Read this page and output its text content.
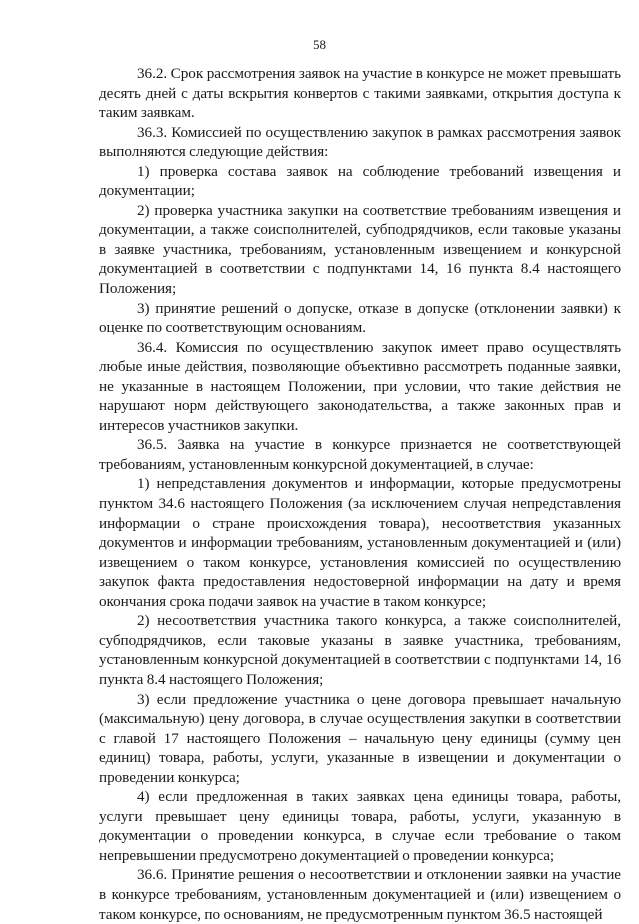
58

36.2. Срок рассмотрения заявок на участие в конкурсе не может превышать десять дней с даты вскрытия конвертов с такими заявками, открытия доступа к таким заявкам.

36.3. Комиссией по осуществлению закупок в рамках рассмотрения заявок выполняются следующие действия:

1) проверка состава заявок на соблюдение требований извещения и документации;

2) проверка участника закупки на соответствие требованиям извещения и документации, а также соисполнителей, субподрядчиков, если таковые указаны в заявке участника, требованиям, установленным извещением и конкурсной документацией в соответствии с подпунктами 14, 16 пункта 8.4 настоящего Положения;

3) принятие решений о допуске, отказе в допуске (отклонении заявки) к оценке по соответствующим основаниям.

36.4. Комиссия по осуществлению закупок имеет право осуществлять любые иные действия, позволяющие объективно рассмотреть поданные заявки, не указанные в настоящем Положении, при условии, что такие действия не нарушают норм действующего законодательства, а также законных прав и интересов участников закупки.

36.5. Заявка на участие в конкурсе признается не соответствующей требованиям, установленным конкурсной документацией, в случае:

1) непредставления документов и информации, которые предусмотрены пунктом 34.6 настоящего Положения (за исключением случая непредставления информации о стране происхождения товара), несоответствия указанных документов и информации требованиям, установленным документацией и (или) извещением о таком конкурсе, установления комиссией по осуществлению закупок факта предоставления недостоверной информации на дату и время окончания срока подачи заявок на участие в таком конкурсе;

2) несоответствия участника такого конкурса, а также соисполнителей, субподрядчиков, если таковые указаны в заявке участника, требованиям, установленным конкурсной документацией в соответствии с подпунктами 14, 16 пункта 8.4 настоящего Положения;

3) если предложение участника о цене договора превышает начальную (максимальную) цену договора, в случае осуществления закупки в соответствии с главой 17 настоящего Положения – начальную цену единицы (сумму цен единиц) товара, работы, услуги, указанные в извещении и документации о проведении конкурса;

4) если предложенная в таких заявках цена единицы товара, работы, услуги превышает цену единицы товара, работы, услуги, указанную в документации о проведении конкурса, в случае если требование о таком непревышении предусмотрено документацией о проведении конкурса;

36.6. Принятие решения о несоответствии и отклонении заявки на участие в конкурсе требованиям, установленным документацией и (или) извещением о таком конкурсе, по основаниям, не предусмотренным пунктом 36.5 настоящей
